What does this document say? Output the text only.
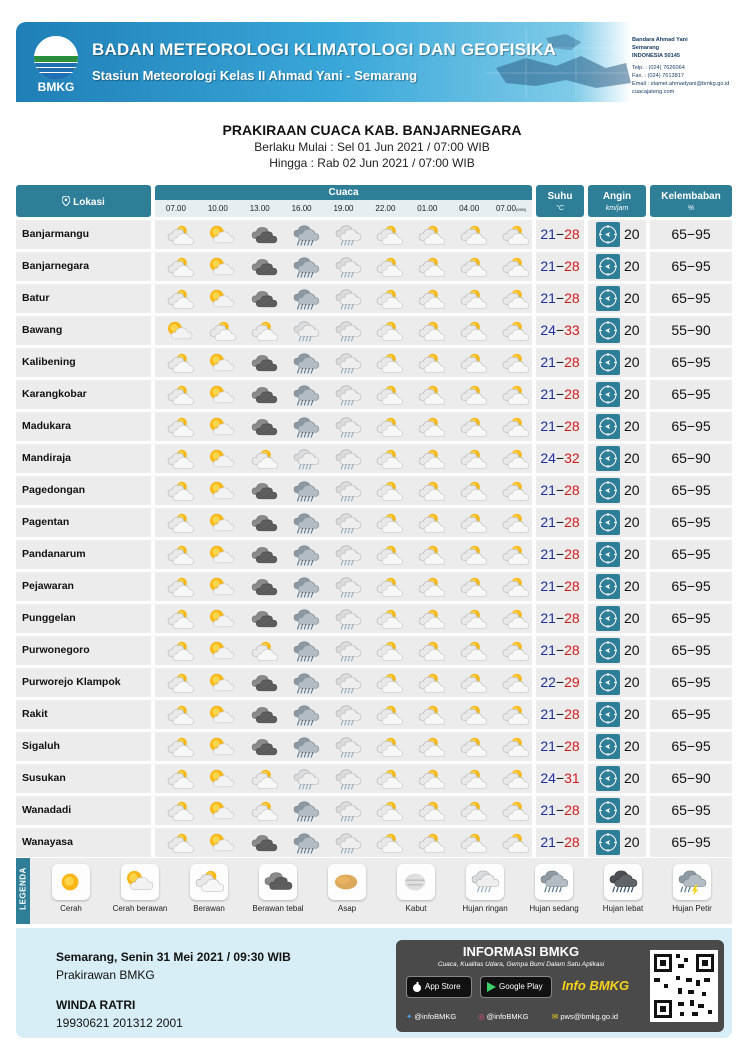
BMKG
BADAN METEOROLOGI KLIMATOLOGI DAN GEOFISIKA
Stasiun Meteorologi Kelas II Ahmad Yani - Semarang
Bandara Ahmad Yani
Semarang
INDONESIA 50145
Telp. : (024) 7626064
Fax. : (024) 7613817
Email : stamet.ahmadyani@bmkg.go.id
cuacajateng.com
PRAKIRAAN CUACA KAB. BANJARNEGARA
Berlaku Mulai : Sel 01 Jun 2021 / 07:00 WIB
Hingga : Rab 02 Jun 2021 / 07:00 WIB
Lokasi
Cuaca
07.00	10.00	13.00	16.00	19.00	22.00	01.00	04.00	07.00(WIB)
Suhu
°C
Angin
km/jam
Kelembaban
%
Banjarmangu	21−28	20	65−95
Banjarnegara	21−28	20	65−95
Batur	21−28	20	65−95
Bawang	24−33	20	55−90
Kalibening	21−28	20	65−95
Karangkobar	21−28	20	65−95
Madukara	21−28	20	65−95
Mandiraja	24−32	20	65−90
Pagedongan	21−28	20	65−95
Pagentan	21−28	20	65−95
Pandanarum	21−28	20	65−95
Pejawaran	21−28	20	65−95
Punggelan	21−28	20	65−95
Purwonegoro	21−28	20	65−95
Purworejo Klampok	22−29	20	65−95
Rakit	21−28	20	65−95
Sigaluh	21−28	20	65−95
Susukan	24−31	20	65−90
Wanadadi	21−28	20	65−95
Wanayasa	21−28	20	65−95
LEGENDA	Cerah	Cerah berawan	Berawan	Berawan tebal	Asap	Kabut	Hujan ringan	Hujan sedang	Hujan lebat	Hujan Petir
Semarang, Senin 31 Mei 2021 / 09:30 WIB
Prakirawan BMKG
WINDA RATRI
19930621 201312 2001
INFORMASI BMKG
Cuaca, Kualitas Udara, Gempa Bumi Dalam Satu Aplikasi
App Store	Google Play	Info BMKG
✦ @infoBMKG	◎ @infoBMKG	✉ pws@bmkg.go.id
